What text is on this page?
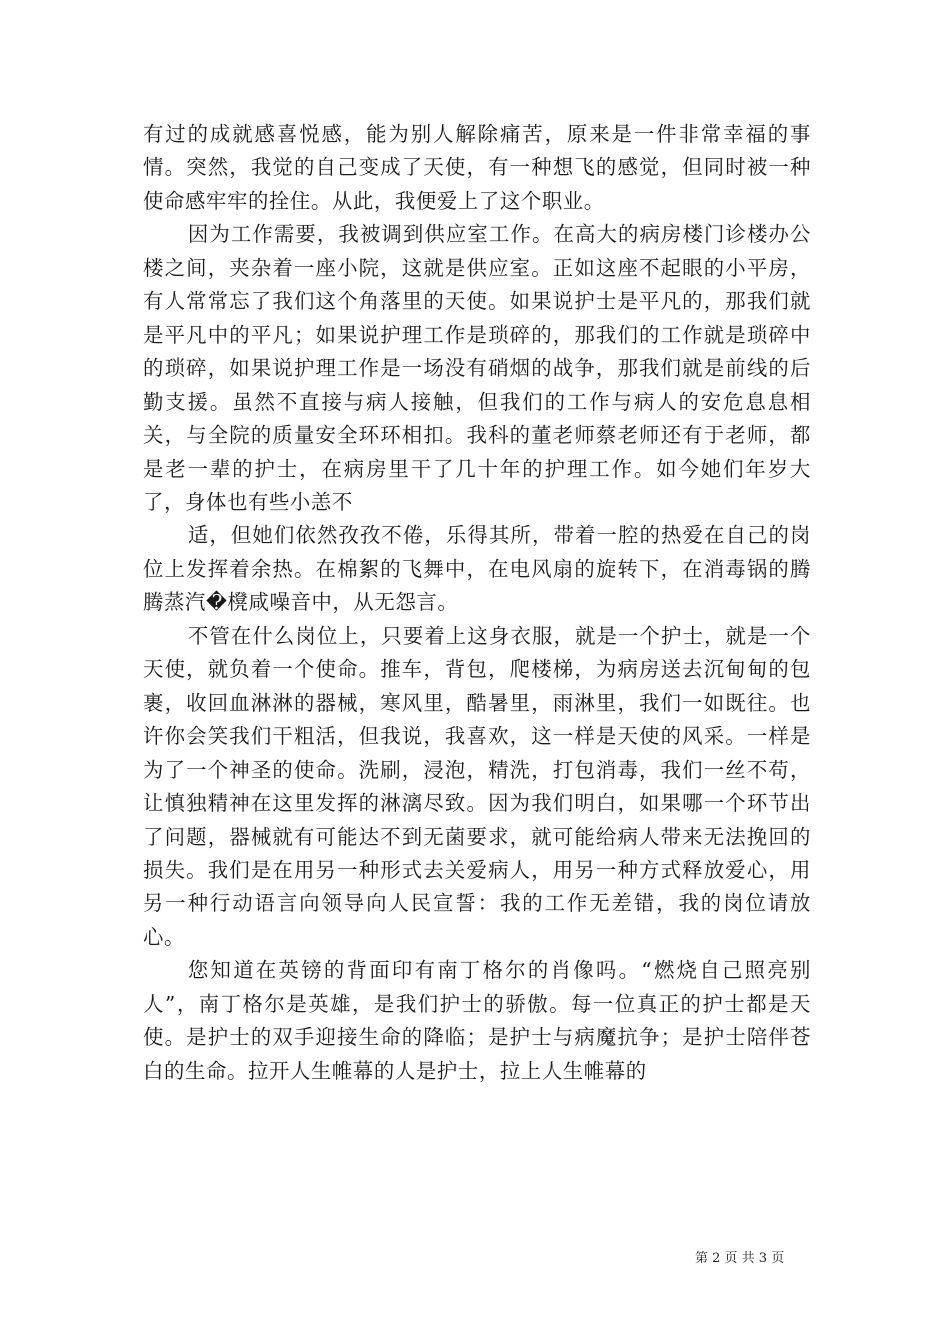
有过的成就感喜悦感，能为别人解除痛苦，原来是一件非常幸福的事情。突然，我觉的自己变成了天使，有一种想飞的感觉，但同时被一种使命感牢牢的拴住。从此，我便爱上了这个职业。

因为工作需要，我被调到供应室工作。在高大的病房楼门诊楼办公楼之间，夹杂着一座小院，这就是供应室。正如这座不起眼的小平房，有人常常忘了我们这个角落里的天使。如果说护士是平凡的，那我们就是平凡中的平凡；如果说护理工作是琐碎的，那我们的工作就是琐碎中的琐碎，如果说护理工作是一场没有硝烟的战争，那我们就是前线的后勤支援。虽然不直接与病人接触，但我们的工作与病人的安危息息相关，与全院的质量安全环环相扣。我科的董老师蔡老师还有于老师，都是老一辈的护士，在病房里干了几十年的护理工作。如今她们年岁大了，身体也有些小恙不

适，但她们依然孜孜不倦，乐得其所，带着一腔的热爱在自己的岗位上发挥着余热。在棉絮的飞舞中，在电风扇的旋转下，在消毒锅的腾腾蒸汽�櫈咸噪音中，从无怨言。

不管在什么岗位上，只要着上这身衣服，就是一个护士，就是一个天使，就负着一个使命。推车，背包，爬楼梯，为病房送去沉甸甸的包裹，收回血淋淋的器械，寒风里，酷暑里，雨淋里，我们一如既往。也许你会笑我们干粗活，但我说，我喜欢，这一样是天使的风采。一样是为了一个神圣的使命。洗刷，浸泡，精洗，打包消毒，我们一丝不苟，让慎独精神在这里发挥的淋漓尽致。因为我们明白，如果哪一个环节出了问题，器械就有可能达不到无菌要求，就可能给病人带来无法挽回的损失。我们是在用另一种形式去关爱病人，用另一种方式释放爱心，用另一种行动语言向领导向人民宣誓：我的工作无差错，我的岗位请放心。

您知道在英镑的背面印有南丁格尔的肖像吗。“燃烧自己照亮别人”，南丁格尔是英雄，是我们护士的骄傲。每一位真正的护士都是天使。是护士的双手迎接生命的降临；是护士与病魔抗争；是护士陪伴苍白的生命。拉开人生帷幕的人是护士，拉上人生帷幕的

第 2 页 共 3 页
